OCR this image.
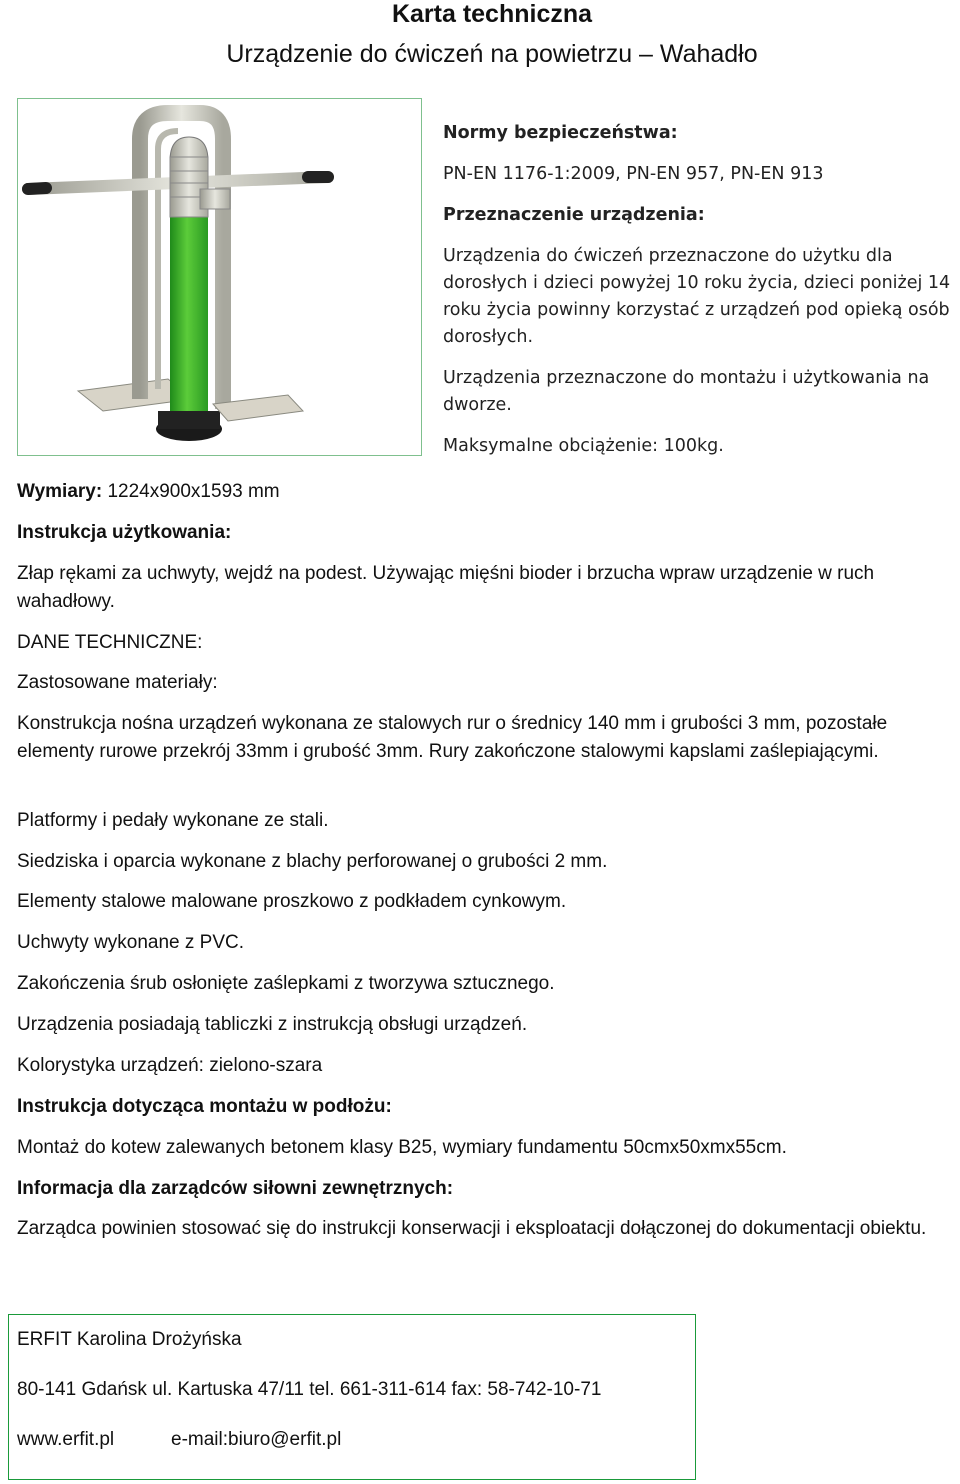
Karta techniczna
Urządzenie do ćwiczeń na powietrzu – Wahadło

Normy bezpieczeństwa:

PN-EN 1176-1:2009, PN-EN 957, PN-EN 913

Przeznaczenie urządzenia:

Urządzenia do ćwiczeń przeznaczone do użytku dla dorosłych i dzieci powyżej 10 roku życia, dzieci poniżej 14 roku życia powinny korzystać z urządzeń pod opieką osób dorosłych.

Urządzenia przeznaczone do montażu i użytkowania na dworze.

Maksymalne obciążenie: 100kg.

Wymiary: 1224x900x1593 mm
Instrukcja użytkowania:
Złap rękami za uchwyty, wejdź na podest. Używając mięśni bioder i brzucha wpraw urządzenie w ruch wahadłowy.
DANE TECHNICZNE:
Zastosowane materiały:
Konstrukcja nośna urządzeń wykonana ze stalowych rur o średnicy 140 mm i grubości 3 mm, pozostałe elementy rurowe przekrój 33mm i grubość 3mm. Rury zakończone stalowymi kapslami zaślepiającymi.
Platformy i pedały wykonane ze stali.
Siedziska i oparcia wykonane z blachy perforowanej o grubości 2 mm.
Elementy stalowe malowane proszkowo z podkładem cynkowym.
Uchwyty wykonane z PVC.
Zakończenia śrub osłonięte zaślepkami z tworzywa sztucznego.
Urządzenia posiadają tabliczki z instrukcją obsługi urządzeń.
Kolorystyka urządzeń: zielono-szara
Instrukcja dotycząca montażu w podłożu:
Montaż do kotew zalewanych betonem klasy B25, wymiary fundamentu 50cmx50xmx55cm.
Informacja dla zarządców siłowni zewnętrznych:
Zarządca powinien stosować się do instrukcji konserwacji i eksploatacji dołączonej do dokumentacji obiektu.
ERFIT Karolina Drożyńska
80-141 Gdańsk ul. Kartuska 47/11 tel. 661-311-614 fax: 58-742-10-71
www.erfit.pl	e-mail:biuro@erfit.pl
